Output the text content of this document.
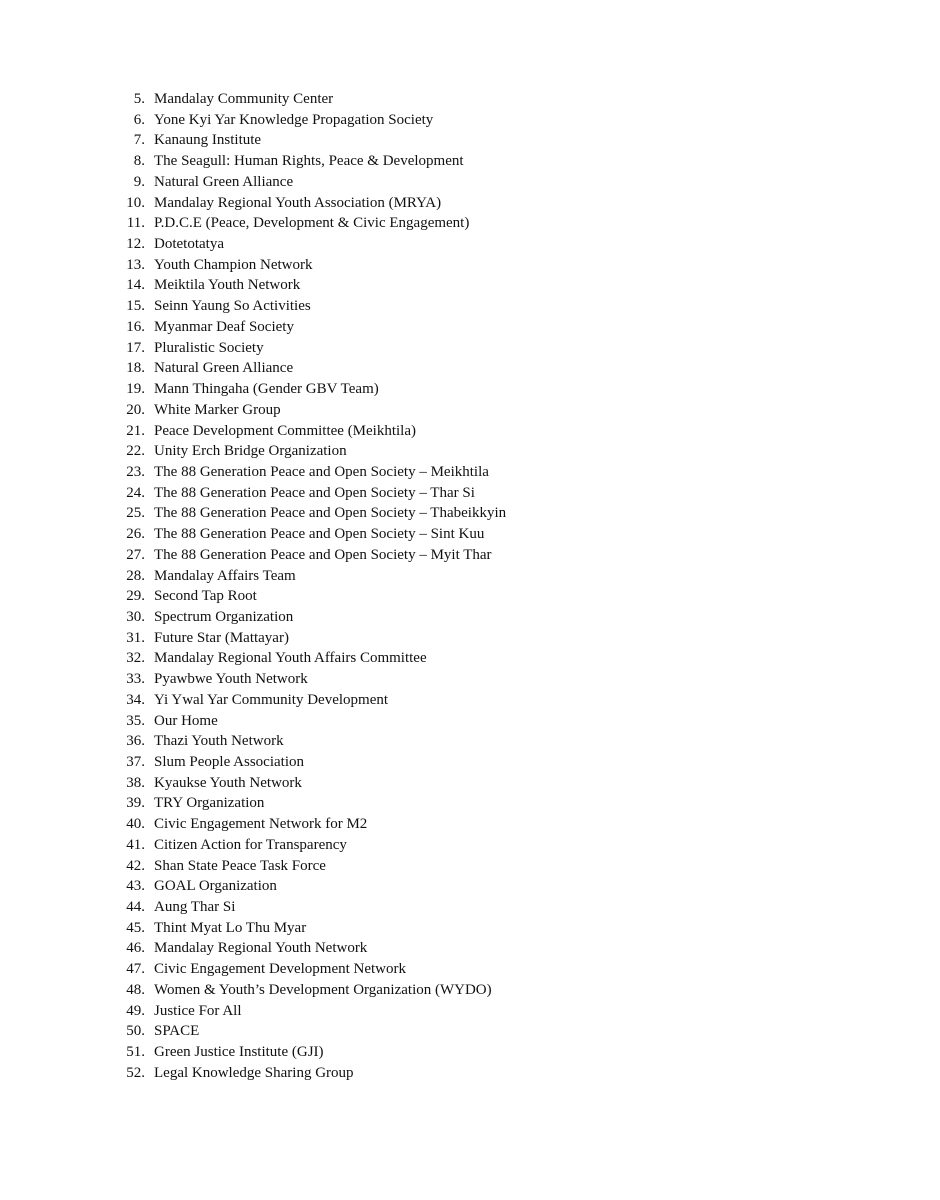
5. Mandalay Community Center
6. Yone Kyi Yar Knowledge Propagation Society
7. Kanaung Institute
8. The Seagull: Human Rights, Peace & Development
9. Natural Green Alliance
10. Mandalay Regional Youth Association (MRYA)
11. P.D.C.E (Peace, Development & Civic Engagement)
12. Dotetotatya
13. Youth Champion Network
14. Meiktila Youth Network
15. Seinn Yaung So Activities
16. Myanmar Deaf Society
17. Pluralistic Society
18. Natural Green Alliance
19. Mann Thingaha (Gender GBV Team)
20. White Marker Group
21. Peace Development Committee (Meikhtila)
22. Unity Erch Bridge Organization
23. The 88 Generation Peace and Open Society – Meikhtila
24. The 88 Generation Peace and Open Society – Thar Si
25. The 88 Generation Peace and Open Society – Thabeikkyin
26. The 88 Generation Peace and Open Society – Sint Kuu
27. The 88 Generation Peace and Open Society – Myit Thar
28. Mandalay Affairs Team
29. Second Tap Root
30. Spectrum Organization
31. Future Star (Mattayar)
32. Mandalay Regional Youth Affairs Committee
33. Pyawbwe Youth Network
34. Yi Ywal Yar Community Development
35. Our Home
36. Thazi Youth Network
37. Slum People Association
38. Kyaukse Youth Network
39. TRY Organization
40. Civic Engagement Network for M2
41. Citizen Action for Transparency
42. Shan State Peace Task Force
43. GOAL Organization
44. Aung Thar Si
45. Thint Myat Lo Thu Myar
46. Mandalay Regional Youth Network
47. Civic Engagement Development Network
48. Women & Youth’s Development Organization (WYDO)
49. Justice For All
50. SPACE
51. Green Justice Institute (GJI)
52. Legal Knowledge Sharing Group
